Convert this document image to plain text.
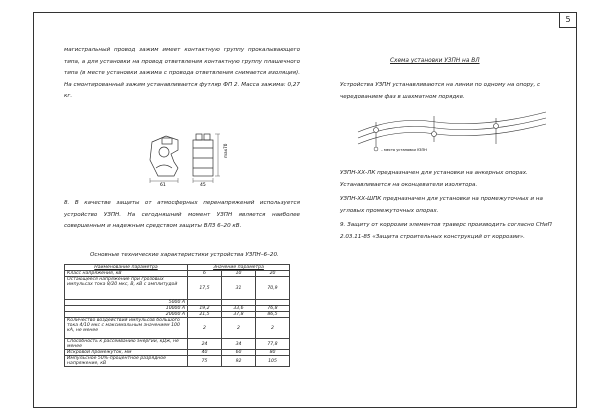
5
магистральный провод зажим имеет контактную группу прокалывающего типа, а для установки на провод ответвления контактную группу плашечного типа (в месте установки зажима с провода ответвления снимается изоляция). На смонтированный зажим устанавливается футляр ФП 2. Масса зажима: 0,27 кг.
61	45
max70
8. В качестве защиты от атмосферных перенапряжений используется устройство УЗПН. На сегодняшний момент УЗПН является наиболее совершенным и надежным средством защиты ВЛЗ 6–20 кВ.
Основные технические характеристики устройства УЗПН–6–20.
Наименование параметра	Значение параметра		
Класс напряжения, кВ	6	10	20
Остающееся напряжение при грозовых импульсах тока 8/20 мкс, В, кВ с амплитудой	17,5	31	70,9
5000 А			
10000 А	19,2	33,6	76,8
20000 А	21,5	37,8	86,5
Количество воздействий импульсов большого тока 4/10 мкс с максимальным значением 100 кА, не менее	2	2	2
Способность к рассеиванию энергии, кДж, не менее	24	34	77,8
Искровой промежуток, мм	40	60	80
Импульсное 50%-процентное разрядное напряжение, кВ	75	92	105
Схема установки УЗПН на ВЛ
Устройства УЗПН устанавливаются на линии по одному на опору, с чередованием фаз в шахматном порядке.
– место установки УЗПН
УЗПН-ХХ-ЛК предназначен для установки на анкерных опорах. Устанавливается на оконцеватели изолятора.
УЗПН-ХХ-ШПК предназначен для установки на промежуточных и на угловых промежуточных опорах.
9. Защиту от коррозии элементов траверс производить согласно СНиП 2.03.11-85 «Защита строительных конструкций от коррозии».
